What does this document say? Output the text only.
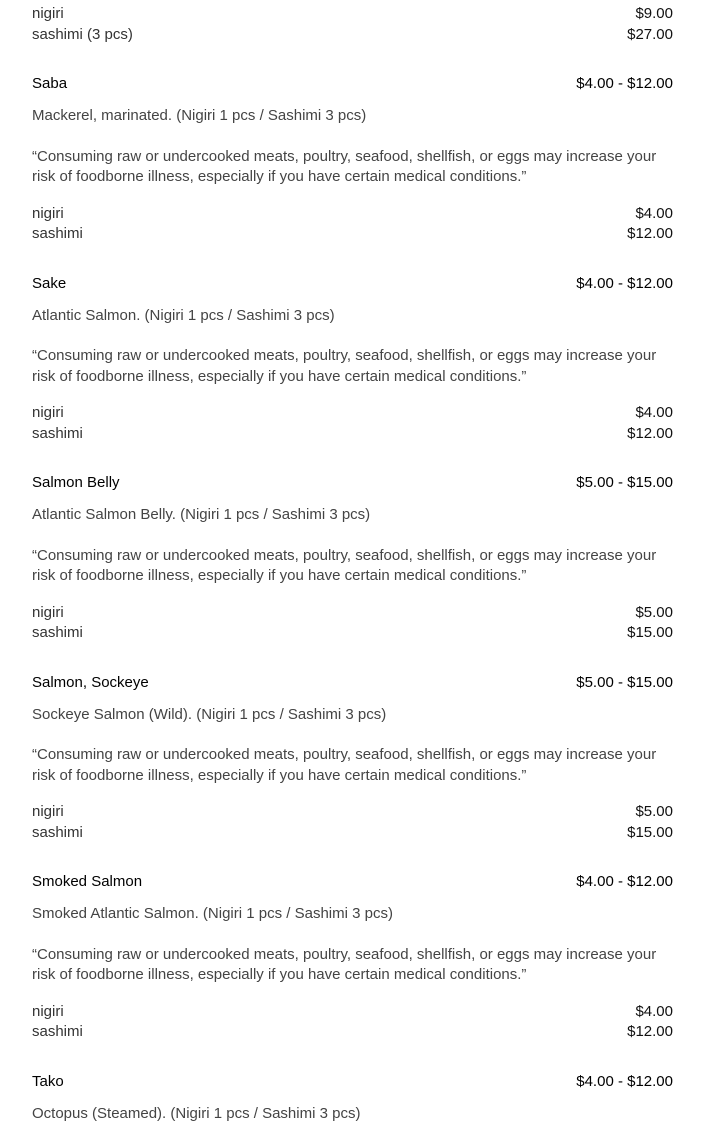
nigiri	$9.00
sashimi (3 pcs)	$27.00
Saba	$4.00 - $12.00
Mackerel, marinated. (Nigiri 1 pcs / Sashimi 3 pcs)
“Consuming raw or undercooked meats, poultry, seafood, shellfish, or eggs may increase your risk of foodborne illness, especially if you have certain medical conditions.”
nigiri	$4.00
sashimi	$12.00
Sake	$4.00 - $12.00
Atlantic Salmon. (Nigiri 1 pcs / Sashimi 3 pcs)
“Consuming raw or undercooked meats, poultry, seafood, shellfish, or eggs may increase your risk of foodborne illness, especially if you have certain medical conditions.”
nigiri	$4.00
sashimi	$12.00
Salmon Belly	$5.00 - $15.00
Atlantic Salmon Belly. (Nigiri 1 pcs / Sashimi 3 pcs)
“Consuming raw or undercooked meats, poultry, seafood, shellfish, or eggs may increase your risk of foodborne illness, especially if you have certain medical conditions.”
nigiri	$5.00
sashimi	$15.00
Salmon, Sockeye	$5.00 - $15.00
Sockeye Salmon (Wild). (Nigiri 1 pcs / Sashimi 3 pcs)
“Consuming raw or undercooked meats, poultry, seafood, shellfish, or eggs may increase your risk of foodborne illness, especially if you have certain medical conditions.”
nigiri	$5.00
sashimi	$15.00
Smoked Salmon	$4.00 - $12.00
Smoked Atlantic Salmon. (Nigiri 1 pcs / Sashimi 3 pcs)
“Consuming raw or undercooked meats, poultry, seafood, shellfish, or eggs may increase your risk of foodborne illness, especially if you have certain medical conditions.”
nigiri	$4.00
sashimi	$12.00
Tako	$4.00 - $12.00
Octopus (Steamed). (Nigiri 1 pcs / Sashimi 3 pcs)
